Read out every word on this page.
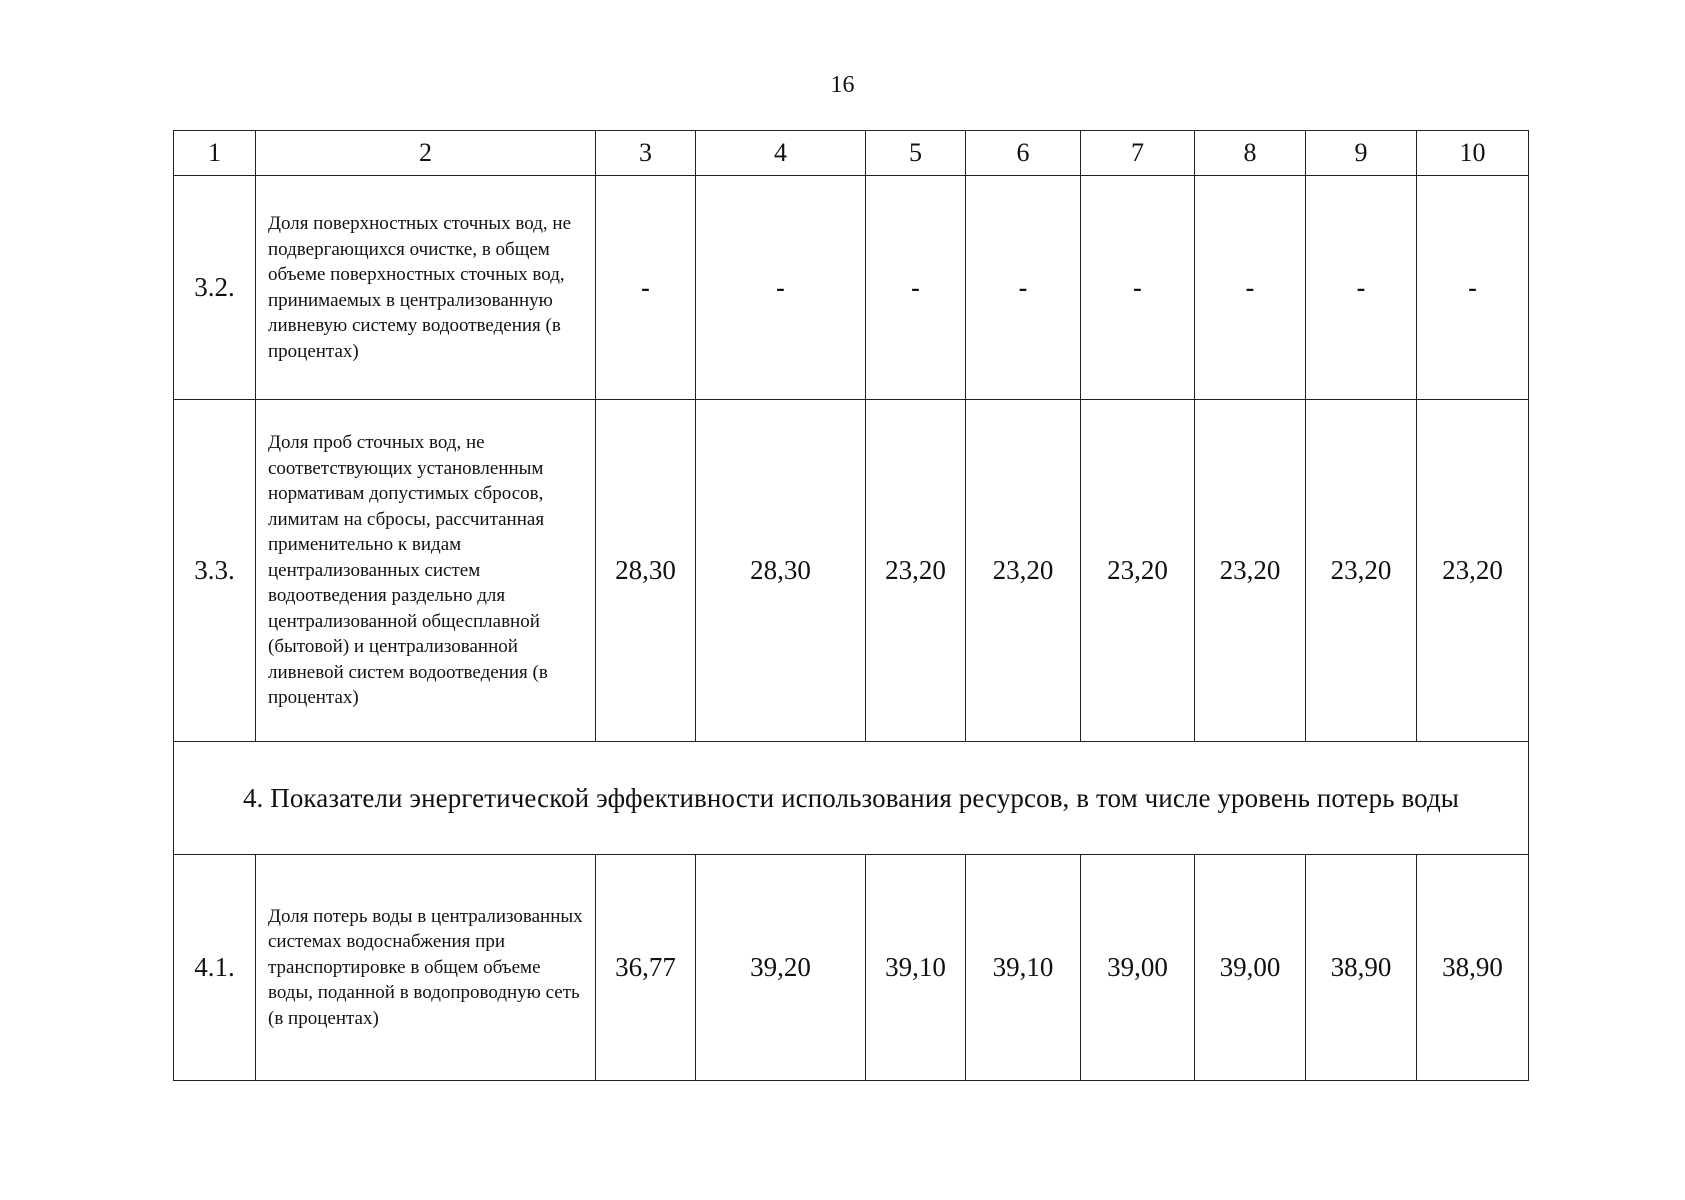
16
1	2	3	4	5	6	7	8	9	10
3.2.	Доля поверхностных сточных вод, не подвергающихся очистке, в общем объеме поверхностных сточных вод, принимаемых в централизованную ливневую систему водоотведения (в процентах)	-	-	-	-	-	-	-	-
3.3.	Доля проб сточных вод, не соответствующих установленным нормативам допустимых сбросов, лимитам на сбросы, рассчитанная применительно к видам централизованных систем водоотведения раздельно для централизованной общесплавной (бытовой) и централизованной ливневой систем водоотведения (в процентах)	28,30	28,30	23,20	23,20	23,20	23,20	23,20	23,20
4. Показатели энергетической эффективности использования ресурсов, в том числе уровень потерь воды									
4.1.	Доля потерь воды в централизованных системах водоснабжения при транспортировке в общем объеме воды, поданной в водопроводную сеть (в процентах)	36,77	39,20	39,10	39,10	39,00	39,00	38,90	38,90
